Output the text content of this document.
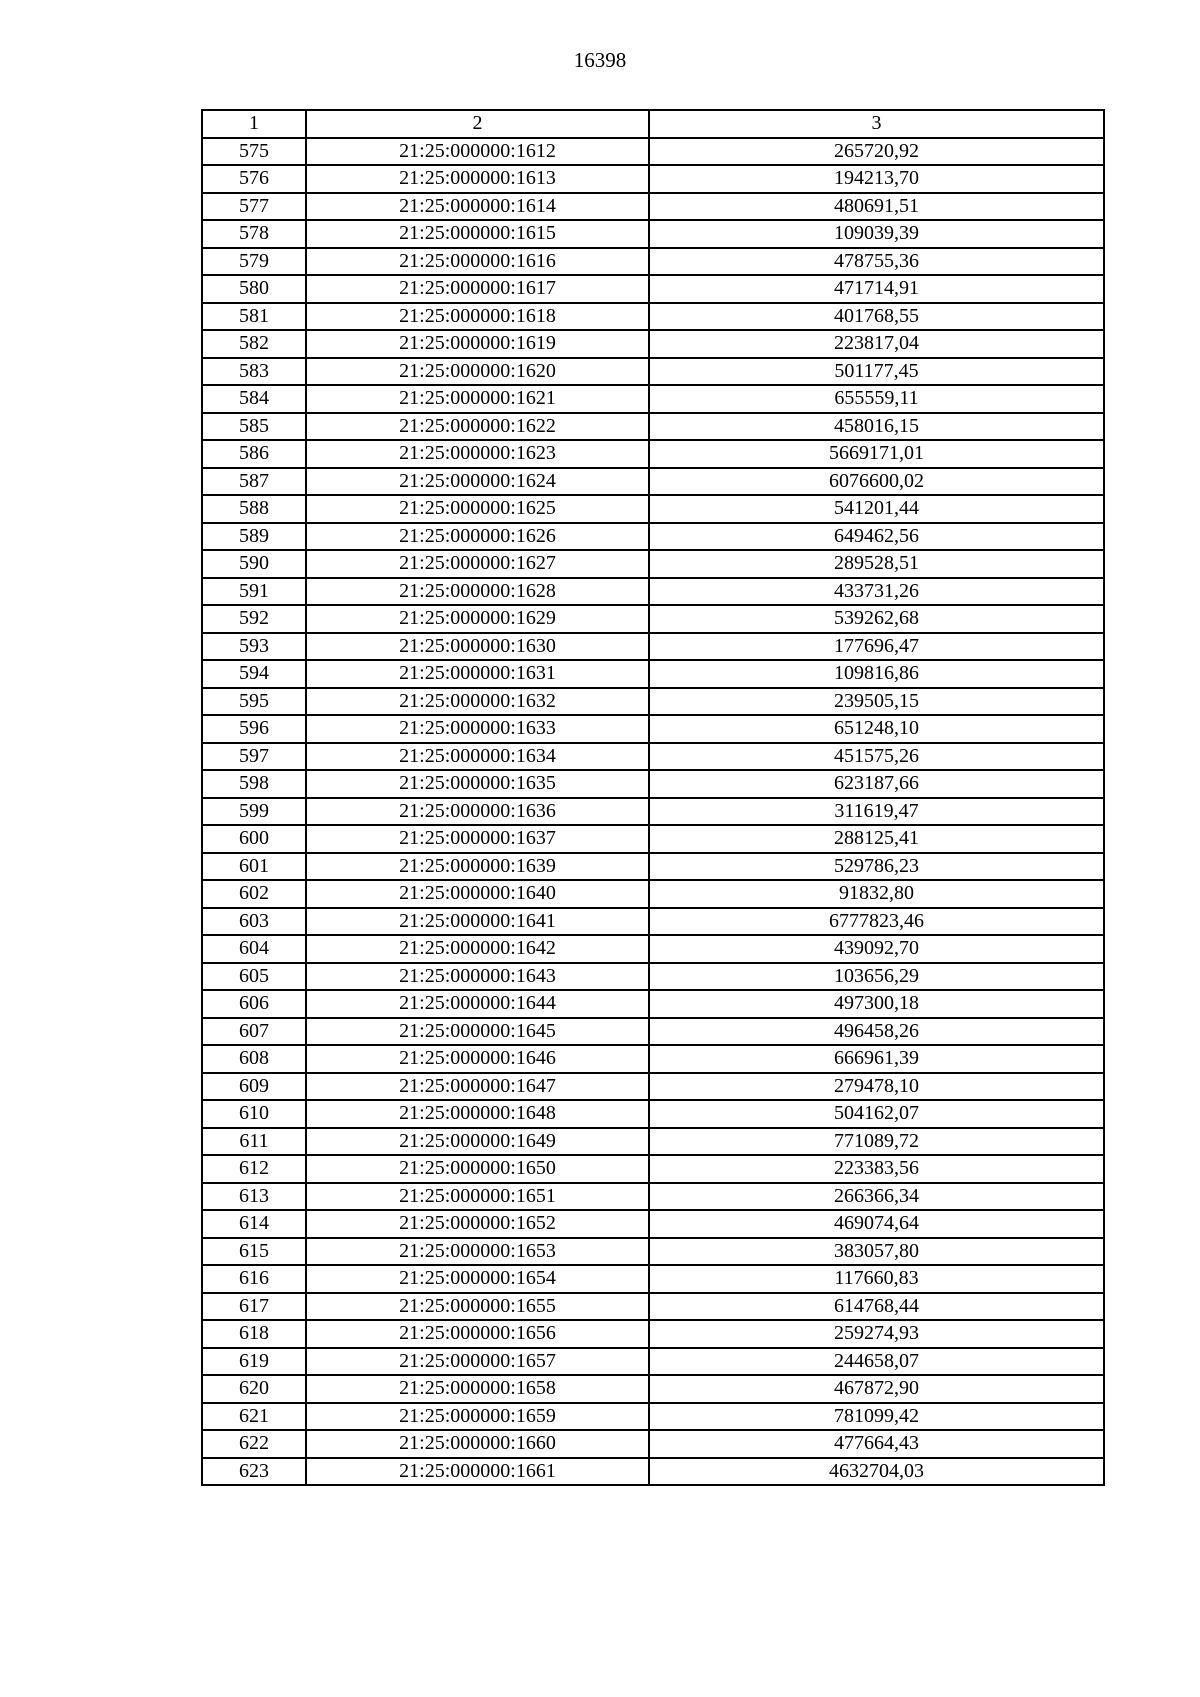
16398
1	2	3
575	21:25:000000:1612	265720,92
576	21:25:000000:1613	194213,70
577	21:25:000000:1614	480691,51
578	21:25:000000:1615	109039,39
579	21:25:000000:1616	478755,36
580	21:25:000000:1617	471714,91
581	21:25:000000:1618	401768,55
582	21:25:000000:1619	223817,04
583	21:25:000000:1620	501177,45
584	21:25:000000:1621	655559,11
585	21:25:000000:1622	458016,15
586	21:25:000000:1623	5669171,01
587	21:25:000000:1624	6076600,02
588	21:25:000000:1625	541201,44
589	21:25:000000:1626	649462,56
590	21:25:000000:1627	289528,51
591	21:25:000000:1628	433731,26
592	21:25:000000:1629	539262,68
593	21:25:000000:1630	177696,47
594	21:25:000000:1631	109816,86
595	21:25:000000:1632	239505,15
596	21:25:000000:1633	651248,10
597	21:25:000000:1634	451575,26
598	21:25:000000:1635	623187,66
599	21:25:000000:1636	311619,47
600	21:25:000000:1637	288125,41
601	21:25:000000:1639	529786,23
602	21:25:000000:1640	91832,80
603	21:25:000000:1641	6777823,46
604	21:25:000000:1642	439092,70
605	21:25:000000:1643	103656,29
606	21:25:000000:1644	497300,18
607	21:25:000000:1645	496458,26
608	21:25:000000:1646	666961,39
609	21:25:000000:1647	279478,10
610	21:25:000000:1648	504162,07
611	21:25:000000:1649	771089,72
612	21:25:000000:1650	223383,56
613	21:25:000000:1651	266366,34
614	21:25:000000:1652	469074,64
615	21:25:000000:1653	383057,80
616	21:25:000000:1654	117660,83
617	21:25:000000:1655	614768,44
618	21:25:000000:1656	259274,93
619	21:25:000000:1657	244658,07
620	21:25:000000:1658	467872,90
621	21:25:000000:1659	781099,42
622	21:25:000000:1660	477664,43
623	21:25:000000:1661	4632704,03
